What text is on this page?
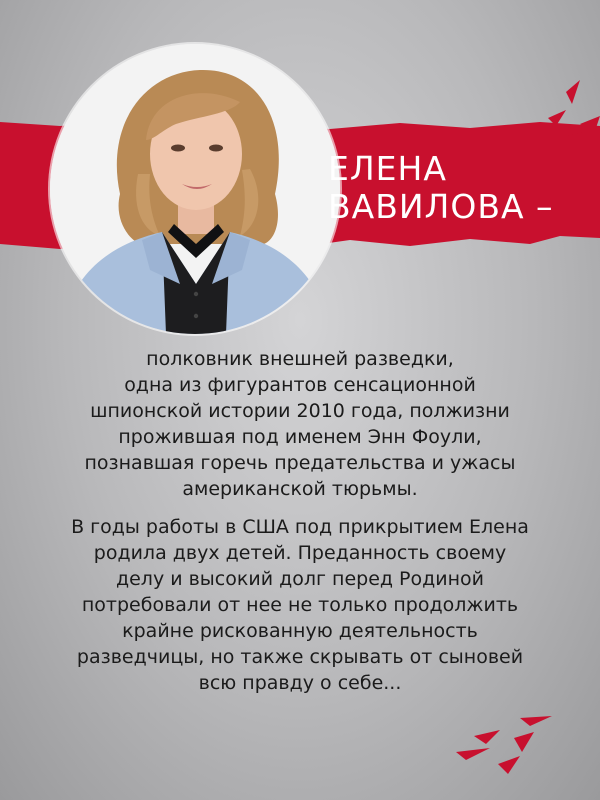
ЕЛЕНА
ВАВИЛОВА –
полковник внешней разведки,
одна из фигурантов сенсационной
шпионской истории 2010 года, полжизни
прожившая под именем Энн Фоули,
познавшая горечь предательства и ужасы
американской тюрьмы.
В годы работы в США под прикрытием Елена
родила двух детей. Преданность своему
делу и высокий долг перед Родиной
потребовали от нее не только продолжить
крайне рискованную деятельность
разведчицы, но также скрывать от сыновей
всю правду о себе...
